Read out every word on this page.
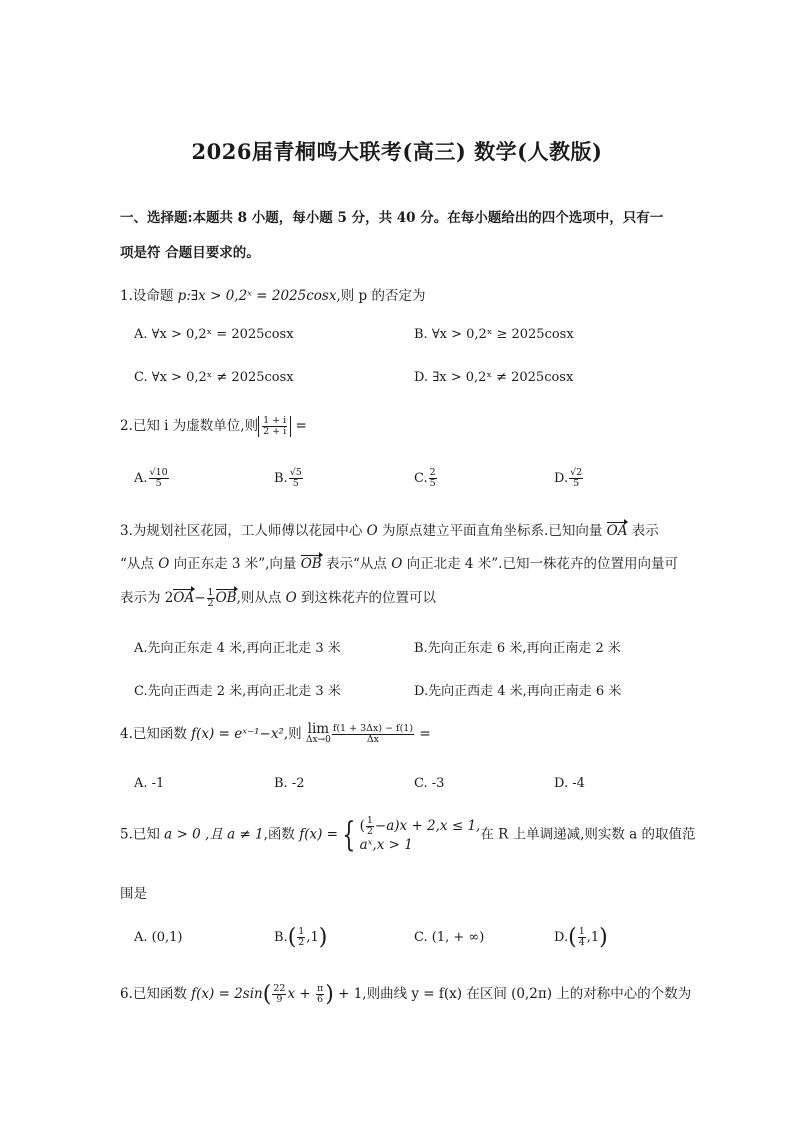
2026届青桐鸣大联考(高三) 数学(人教版)
一、选择题:本题共 8 小题，每小题 5 分，共 40 分。在每小题给出的四个选项中，只有一
项是符 合题目要求的。
1.设命题 p:∃x > 0,2ˣ = 2025cosx,则 p 的否定为
A. ∀x > 0,2ˣ = 2025cosx	B. ∀x > 0,2ˣ ≥ 2025cosx
C. ∀x > 0,2ˣ ≠ 2025cosx	D. ∃x > 0,2ˣ ≠ 2025cosx
2.已知 i 为虚数单位,则 $\frac{1 + i}{2 + i}$ =
A. $\frac{√10}{5}$	B. $\frac{√5}{5}$	C. $\frac{2}{5}$	D. $\frac{√2}{5}$
3.为规划社区花园，工人师傅以花园中心 O 为原点建立平面直角坐标系.已知向量 OA 表示
“从点 O 向正东走 3 米”,向量 OB 表示“从点 O 向正北走 4 米”.已知一株花卉的位置用向量可
表示为 $2OA- \frac{1}{2}$ OB,则从点 O 到这株花卉的位置可以
A.先向正东走 4 米,再向正北走 3 米	B.先向正东走 6 米,再向正南走 2 米
C.先向正西走 2 米,再向正北走 3 米	D.先向正西走 4 米,再向正南走 6 米
4.已知函数 f(x) = eˣ⁻¹−x²,则 lim
$\Delta x\to 0 \frac{f(1 + 3\Delta x) - f(1)}{\Delta x}$ =
A. -1	B. -2	C. -3	D. -4
5.已知 a > 0 ,且 a ≠ 1,函数 f(x) = { ( $\frac{1}{2} -a)x + 2,x \le 1$,
aˣ,x > 1
在 R 上单调递减,则实数 a 的取值范
围是
A. (0,1)	$B.( \frac{1}{2} ,1)$	C. (1, + ∞)	$D.( \frac{1}{4} ,1)$
6.已知函数 $f(x) = 2\sin( \frac{22}{9}$ $x + \frac{\pi}{6}$ ) + 1,则曲线 y = f(x) 在区间 (0,2π) 上的对称中心的个数为
